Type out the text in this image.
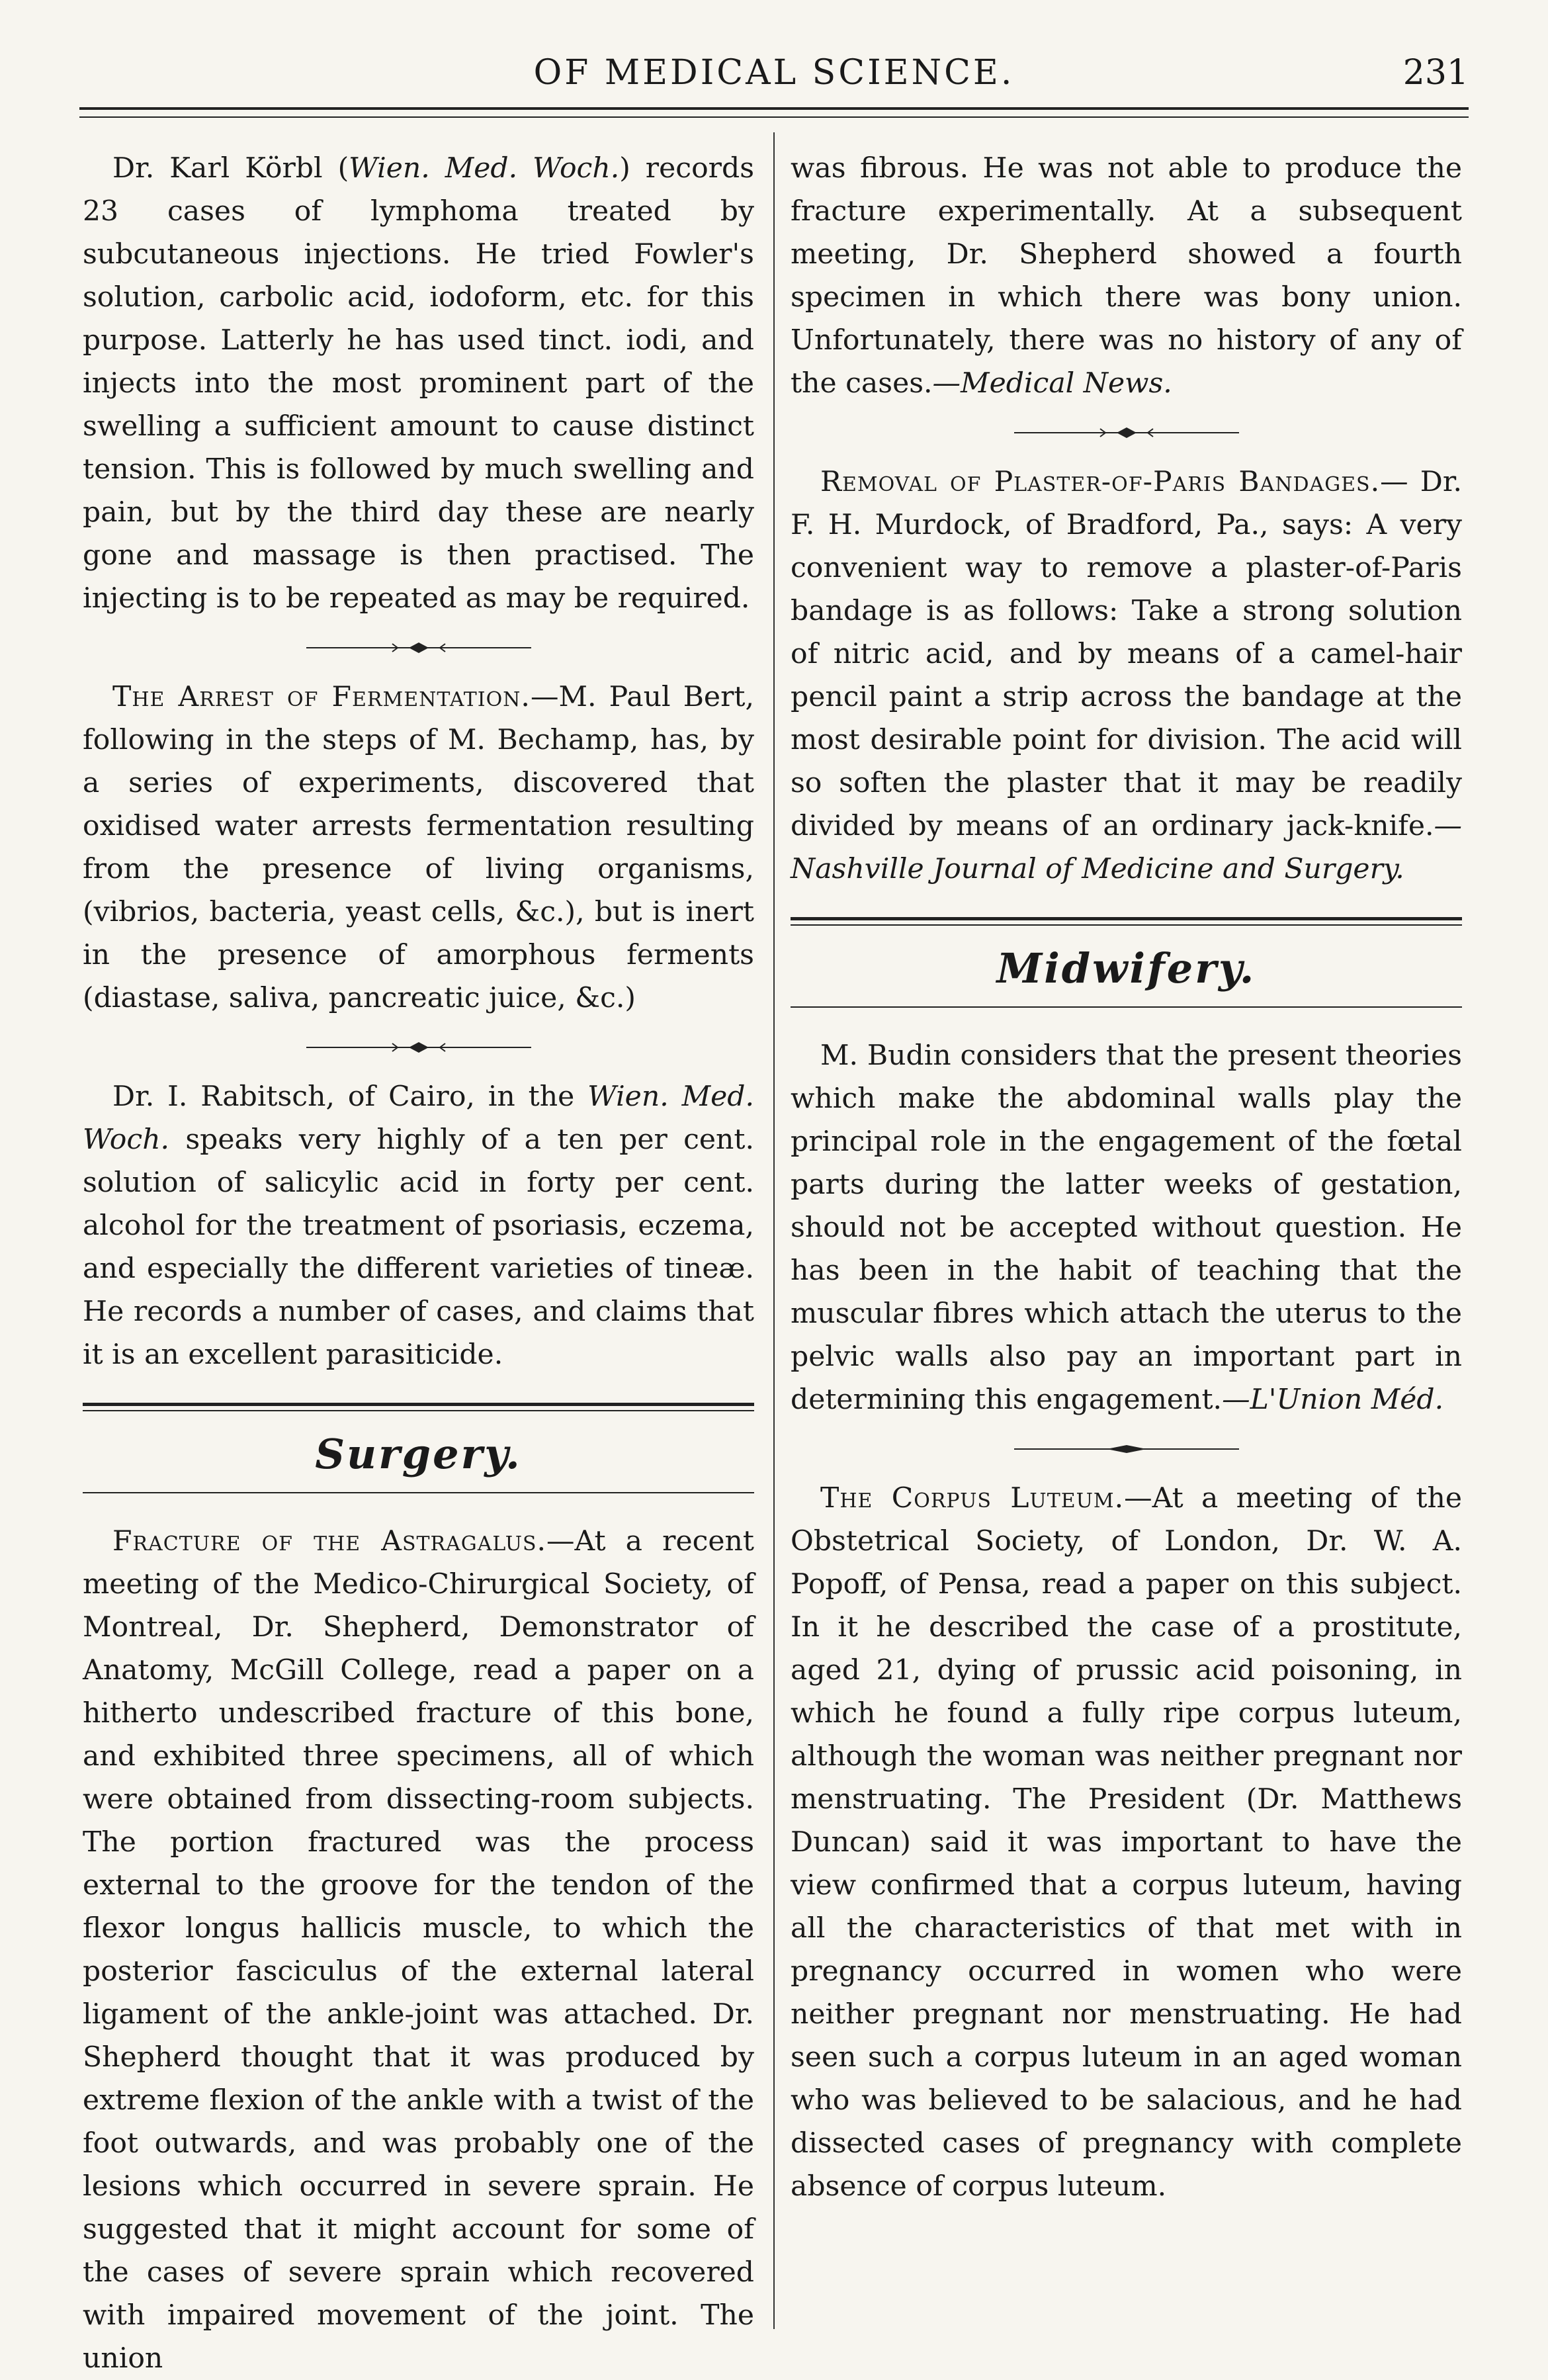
OF MEDICAL SCIENCE.	231

Dr. Karl Körbl (Wien. Med. Woch.) records 23 cases of lymphoma treated by subcutaneous injections. He tried Fowler's solution, carbolic acid, iodoform, etc. for this purpose. Latterly he has used tinct. iodi, and injects into the most prominent part of the swelling a sufficient amount to cause distinct tension. This is followed by much swelling and pain, but by the third day these are nearly gone and massage is then practised. The injecting is to be repeated as may be required.

The Arrest of Fermentation.—M. Paul Bert, following in the steps of M. Bechamp, has, by a series of experiments, discovered that oxidised water arrests fermentation resulting from the presence of living organisms, (vibrios, bacteria, yeast cells, &c.), but is inert in the presence of amorphous ferments (diastase, saliva, pancreatic juice, &c.)

Dr. I. Rabitsch, of Cairo, in the Wien. Med. Woch. speaks very highly of a ten per cent. solution of salicylic acid in forty per cent. alcohol for the treatment of psoriasis, eczema, and especially the different varieties of tineæ. He records a number of cases, and claims that it is an excellent parasiticide.

Surgery.

Fracture of the Astragalus.—At a recent meeting of the Medico-Chirurgical Society, of Montreal, Dr. Shepherd, Demonstrator of Anatomy, McGill College, read a paper on a hitherto undescribed fracture of this bone, and exhibited three specimens, all of which were obtained from dissecting-room subjects. The portion fractured was the process external to the groove for the tendon of the flexor longus hallicis muscle, to which the posterior fasciculus of the external lateral ligament of the ankle-joint was attached. Dr. Shepherd thought that it was produced by extreme flexion of the ankle with a twist of the foot outwards, and was probably one of the lesions which occurred in severe sprain. He suggested that it might account for some of the cases of severe sprain which recovered with impaired movement of the joint. The union

was fibrous. He was not able to produce the fracture experimentally. At a subsequent meeting, Dr. Shepherd showed a fourth specimen in which there was bony union. Unfortunately, there was no history of any of the cases.—Medical News.

Removal of Plaster-of-Paris Bandages.— Dr. F. H. Murdock, of Bradford, Pa., says: A very convenient way to remove a plaster-of-Paris bandage is as follows: Take a strong solution of nitric acid, and by means of a camel-hair pencil paint a strip across the bandage at the most desirable point for division. The acid will so soften the plaster that it may be readily divided by means of an ordinary jack-knife.— Nashville Journal of Medicine and Surgery.

Midwifery.

M. Budin considers that the present theories which make the abdominal walls play the principal role in the engagement of the fœtal parts during the latter weeks of gestation, should not be accepted without question. He has been in the habit of teaching that the muscular fibres which attach the uterus to the pelvic walls also pay an important part in determining this engagement.—L'Union Méd.

The Corpus Luteum.—At a meeting of the Obstetrical Society, of London, Dr. W. A. Popoff, of Pensa, read a paper on this subject. In it he described the case of a prostitute, aged 21, dying of prussic acid poisoning, in which he found a fully ripe corpus luteum, although the woman was neither pregnant nor menstruating. The President (Dr. Matthews Duncan) said it was important to have the view confirmed that a corpus luteum, having all the characteristics of that met with in pregnancy occurred in women who were neither pregnant nor menstruating. He had seen such a corpus luteum in an aged woman who was believed to be salacious, and he had dissected cases of pregnancy with complete absence of corpus luteum.
